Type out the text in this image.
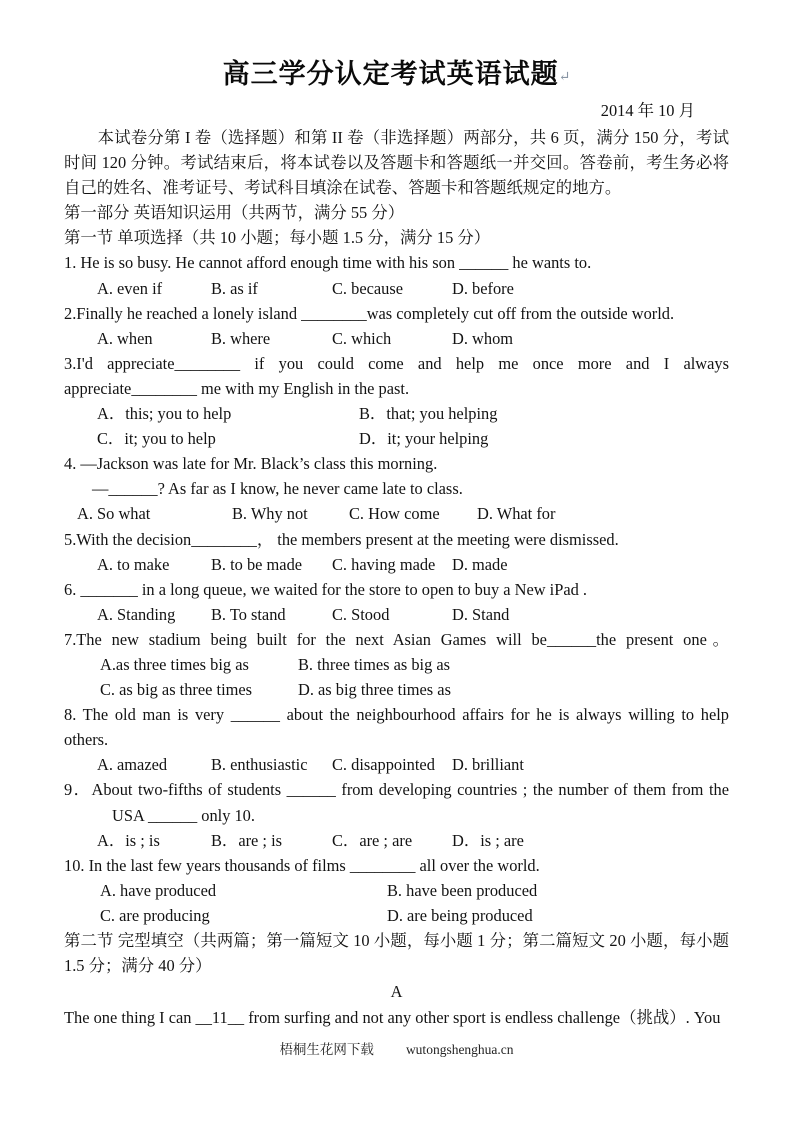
高三学分认定考试英语试题↵
2014 年 10 月

本试卷分第 I 卷（选择题）和第 II 卷（非选择题）两部分，共 6 页，满分 150 分，考试时间 120 分钟。考试结束后，将本试卷以及答题卡和答题纸一并交回。答卷前，考生务必将自己的姓名、准考证号、考试科目填涂在试卷、答题卡和答题纸规定的地方。

第一部分 英语知识运用（共两节，满分 55 分）
第一节 单项选择（共 10 小题；每小题 1.5 分，满分 15 分）
1. He is so busy. He cannot afford enough time with his son ______ he wants to.
A. even if	B. as if	C. because	D. before
2.Finally he reached a lonely island ________was completely cut off from the outside world.
A. when	B. where	C. which	D. whom
3.I'd appreciate________ if you could come and help me once more and I always
appreciate________ me with my English in the past.
A．this; you to help	B．that; you helping
C．it; you to help	D．it; your helping
4. —Jackson was late for Mr. Black’s class this morning.
—______? As far as I know, he never came late to class.
A. So what	B. Why not	C. How come	D. What for
5.With the decision________， the members present at the meeting were dismissed.
A. to make	B. to be made	C. having made	D. made
6. _______ in a long queue, we waited for the store to open to buy a New iPad .
A. Standing	B. To stand	C. Stood	D. Stand
7.The new stadium being built for the next Asian Games will be______the present one。
A.as three times big as	B. three times as big as
C. as big as three times	D. as big three times as
8. The old man is very ______ about the neighbourhood affairs for he is always willing to help
others.
A. amazed	B. enthusiastic	C. disappointed	D. brilliant
9．About two-fifths of students ______ from developing countries ; the number of them from the
USA ______ only 10.
A．is ; is	B．are ; is	C．are ; are	D．is ; are
10. In the last few years thousands of films ________ all over the world.
A. have produced	B. have been produced
C. are producing	D. are being produced

第二节 完型填空（共两篇；第一篇短文 10 小题，每小题 1 分；第二篇短文 20 小题，每小题 1.5 分；满分 40 分）

A
The one thing I can __11__ from surfing and not any other sport is endless challenge（挑战）. You
梧桐生花网下载 wutongshenghua.cn
